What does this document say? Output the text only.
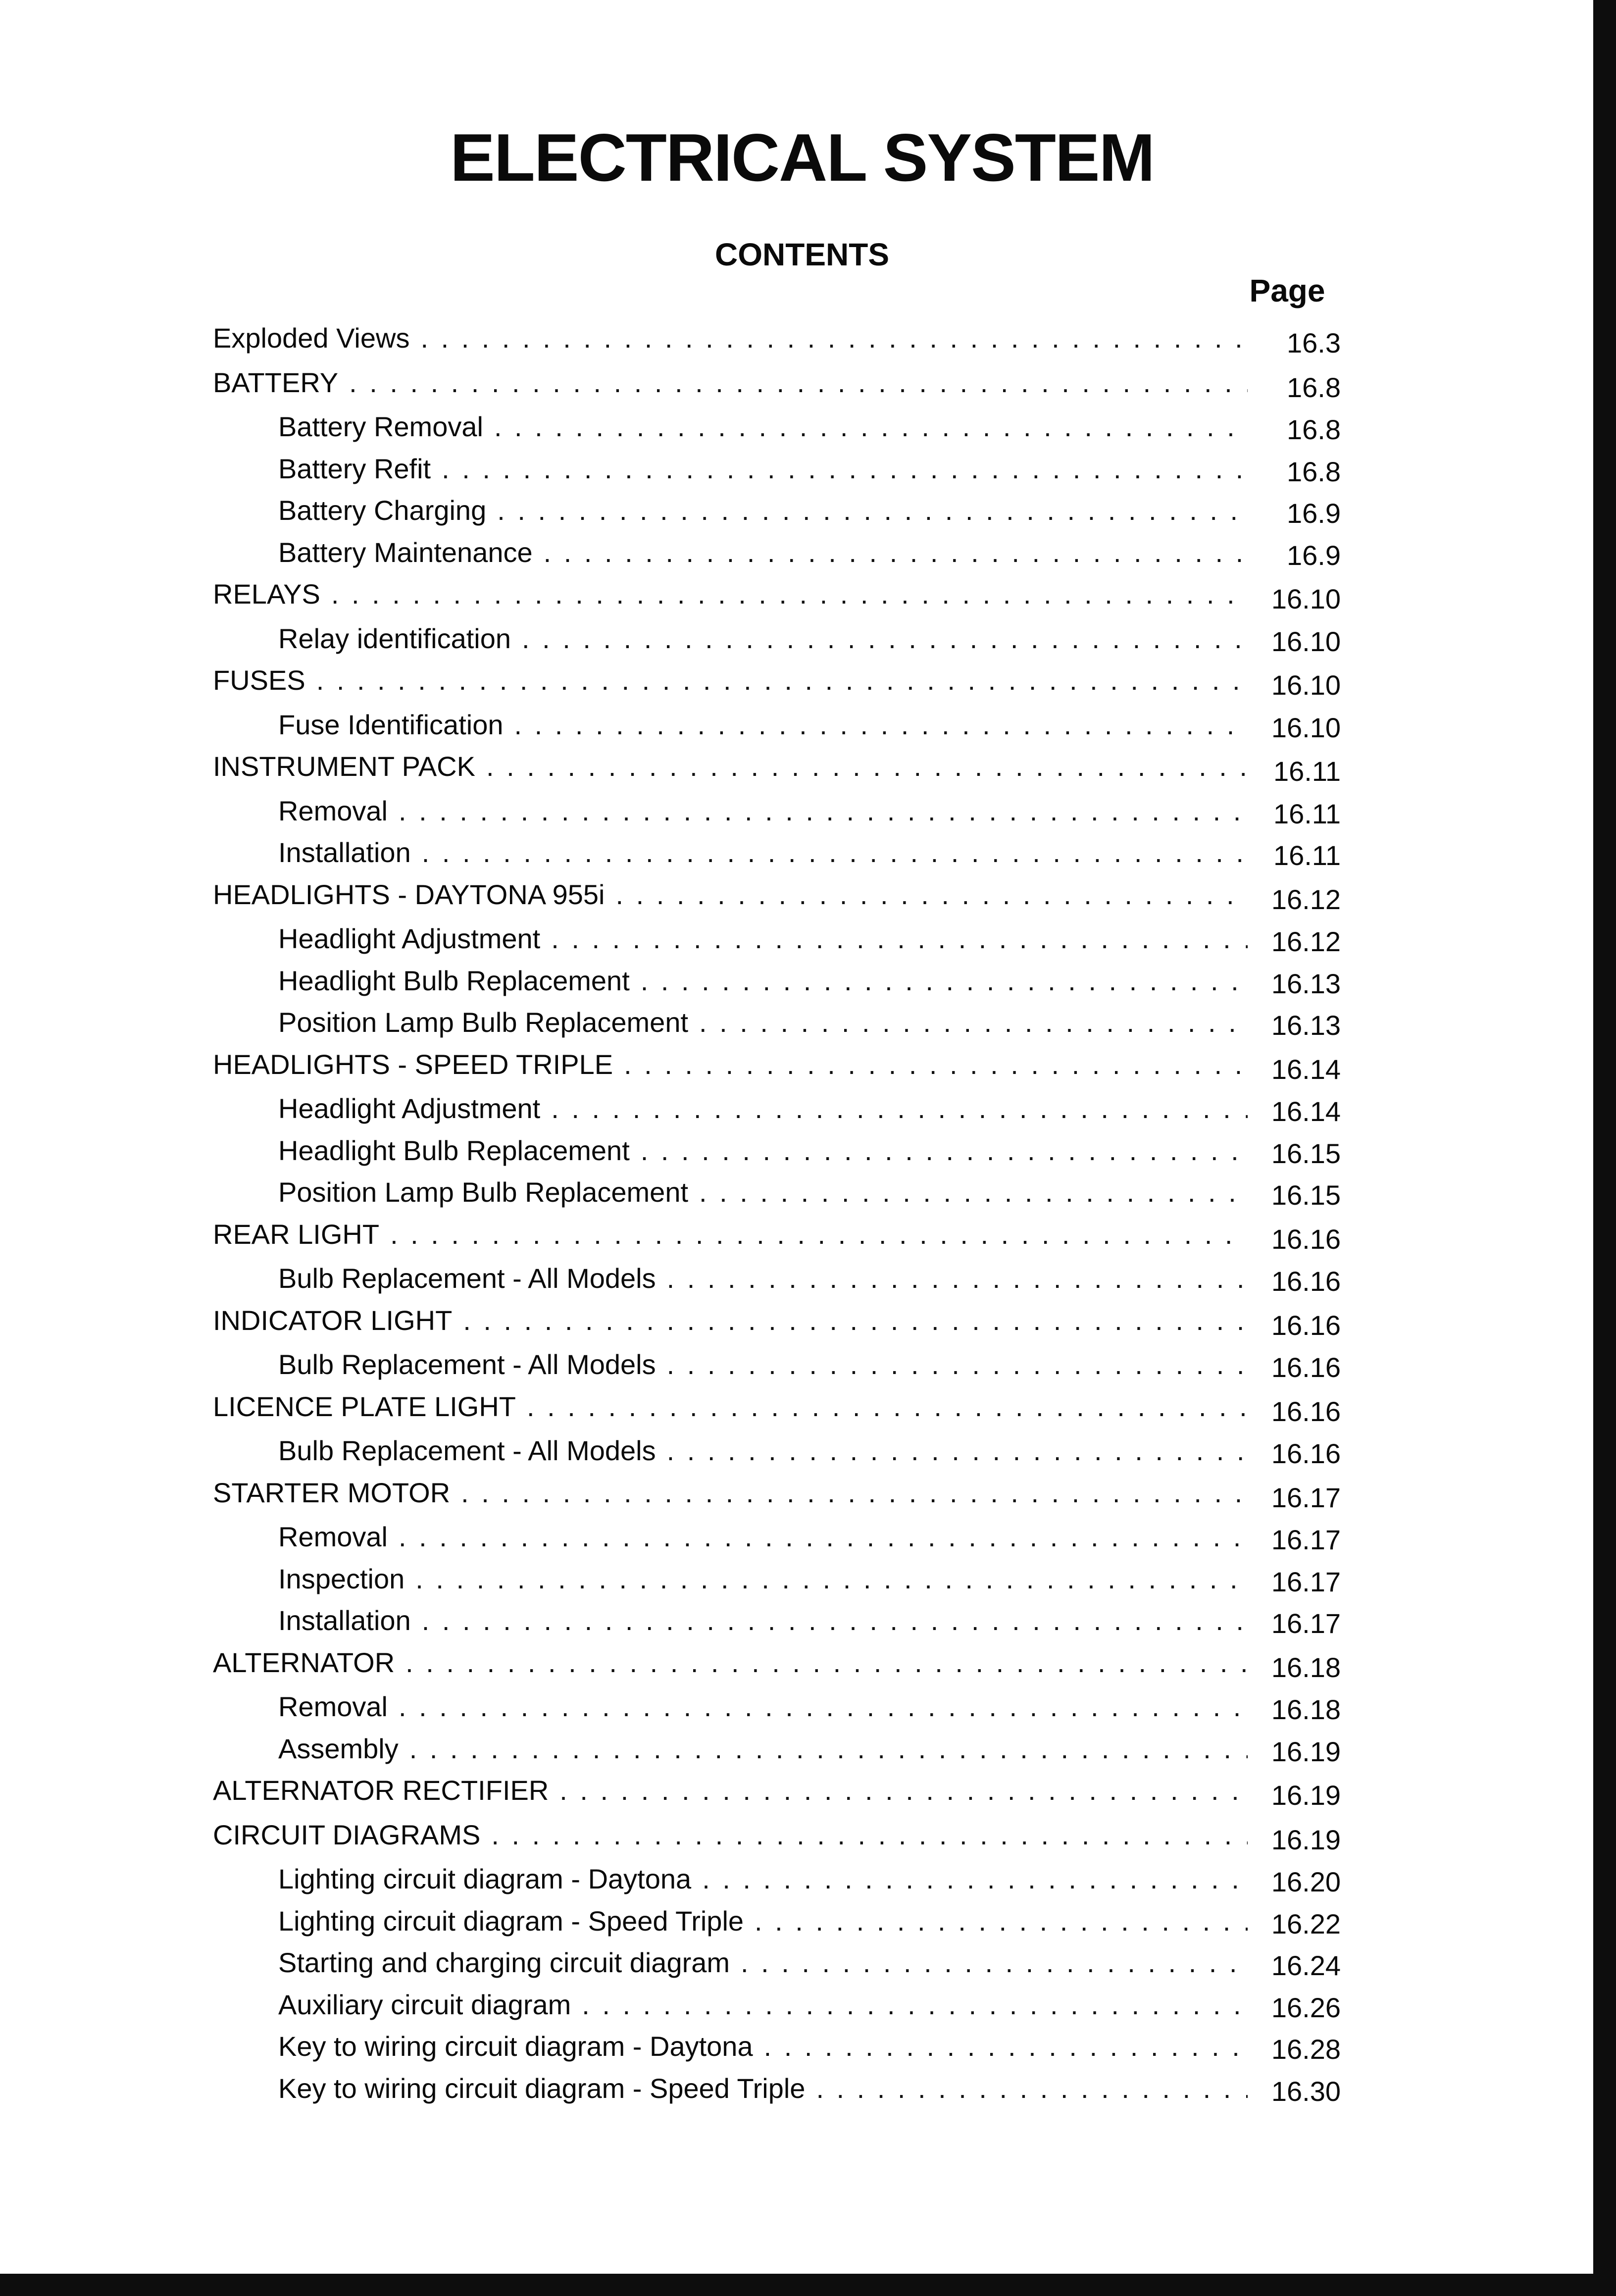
ELECTRICAL SYSTEM
CONTENTS
Page
Exploded Views . . .	16.3
BATTERY . . .	16.8
Battery Removal . . .	16.8
Battery Refit . . .	16.8
Battery Charging . . .	16.9
Battery Maintenance . . .	16.9
RELAYS . . .	16.10
Relay identification . . .	16.10
FUSES . . .	16.10
Fuse Identification . . .	16.10
INSTRUMENT PACK . . .	16.11
Removal . . .	16.11
Installation . . .	16.11
HEADLIGHTS - DAYTONA 955i . . .	16.12
Headlight Adjustment . . .	16.12
Headlight Bulb Replacement . . .	16.13
Position Lamp Bulb Replacement . . .	16.13
HEADLIGHTS - SPEED TRIPLE . . .	16.14
Headlight Adjustment . . .	16.14
Headlight Bulb Replacement . . .	16.15
Position Lamp Bulb Replacement . . .	16.15
REAR LIGHT . . .	16.16
Bulb Replacement - All Models . . .	16.16
INDICATOR LIGHT . . .	16.16
Bulb Replacement - All Models . . .	16.16
LICENCE PLATE LIGHT . . .	16.16
Bulb Replacement - All Models . . .	16.16
STARTER MOTOR . . .	16.17
Removal . . .	16.17
Inspection . . .	16.17
Installation . . .	16.17
ALTERNATOR . . .	16.18
Removal . . .	16.18
Assembly . . .	16.19
ALTERNATOR RECTIFIER . . .	16.19
CIRCUIT DIAGRAMS . . .	16.19
Lighting circuit diagram - Daytona . . .	16.20
Lighting circuit diagram - Speed Triple . . .	16.22
Starting and charging circuit diagram . . .	16.24
Auxiliary circuit diagram . . .	16.26
Key to wiring circuit diagram - Daytona . . .	16.28
Key to wiring circuit diagram - Speed Triple . . .	16.30
